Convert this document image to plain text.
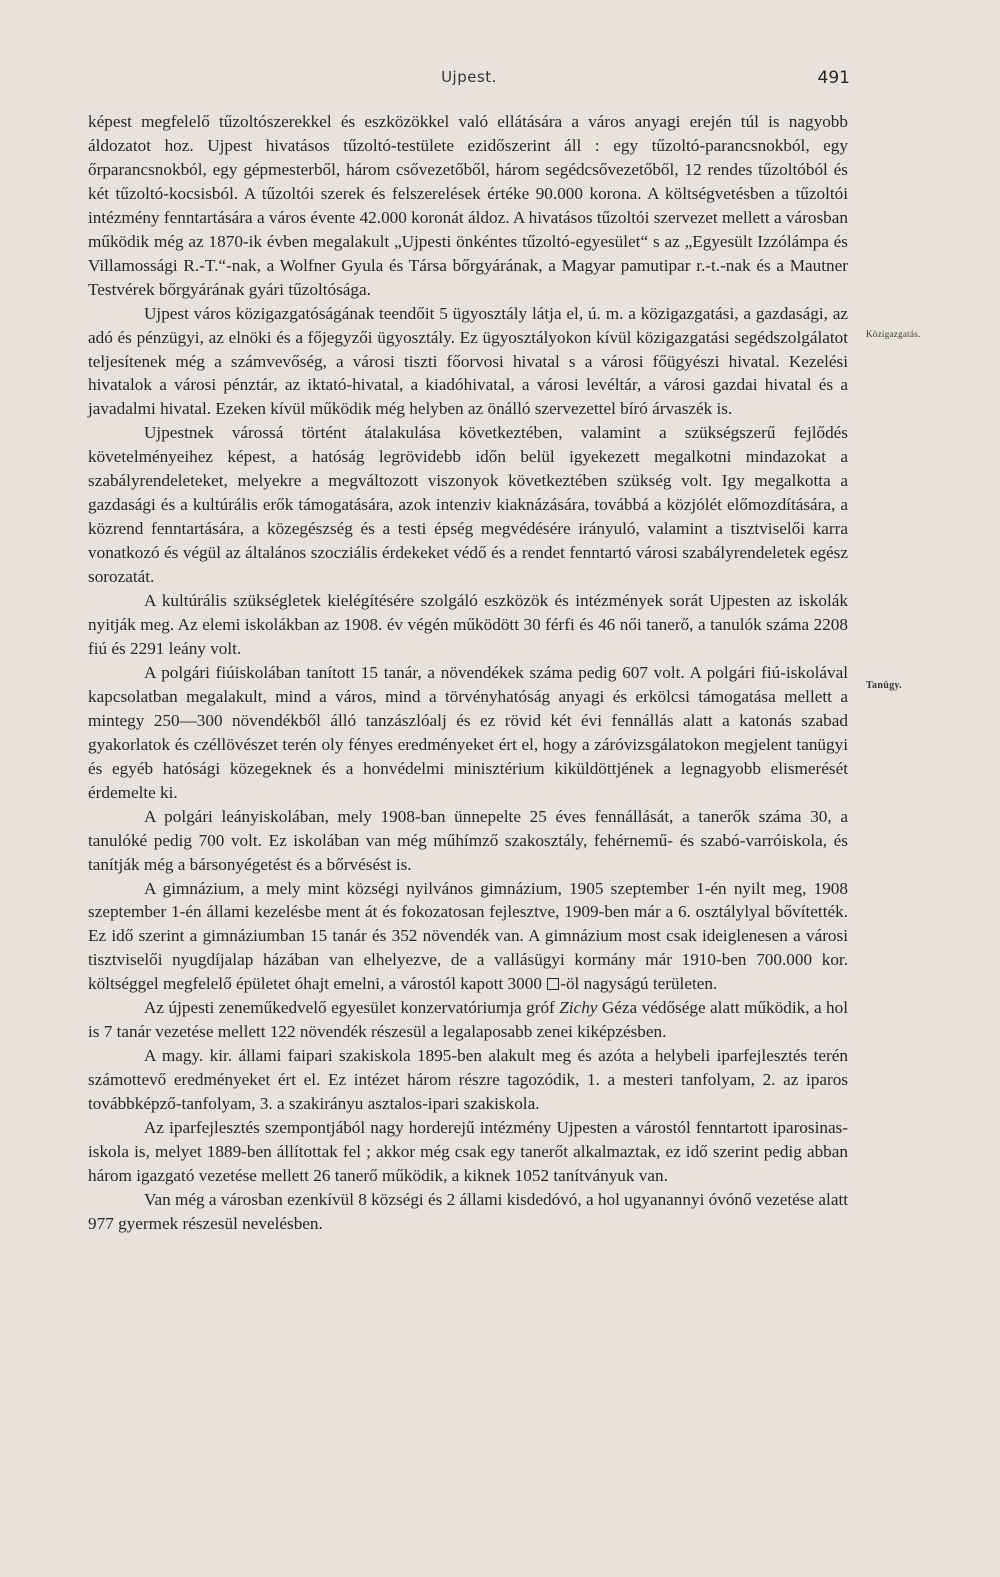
Ujpest.	491
Közigazgatás.
Tanügy.

képest megfelelő tűzoltószerekkel és eszközökkel való ellátására a város anyagi erején túl is nagyobb áldozatot hoz. Ujpest hivatásos tűzoltó-testülete ezidőszerint áll : egy tűzoltó-parancsnokból, egy őrparancsnokból, egy gépmesterből, három csővezetőből, három segédcsővezetőből, 12 rendes tűzoltóból és két tűzoltó-kocsisból. A tűzoltói szerek és felszerelések értéke 90.000 korona. A költségvetésben a tűzoltói intézmény fenntartására a város évente 42.000 koronát áldoz. A hivatásos tűzoltói szervezet mellett a városban működik még az 1870-ik évben megalakult „Ujpesti önkéntes tűzoltó-egyesület“ s az „Egyesült Izzólámpa és Villamossági R.-T.“-nak, a Wolfner Gyula és Társa bőrgyárának, a Magyar pamutipar r.-t.-nak és a Mautner Testvérek bőrgyárának gyári tűzoltósága.

Ujpest város közigazgatóságának teendőit 5 ügyosztály látja el, ú. m. a közigazgatási, a gazdasági, az adó és pénzügyi, az elnöki és a főjegyzői ügyosztály. Ez ügyosztályokon kívül közigazgatási segédszolgálatot teljesítenek még a számvevőség, a városi tiszti főorvosi hivatal s a városi főügyészi hivatal. Kezelési hivatalok a városi pénztár, az iktató-hivatal, a kiadóhivatal, a városi levéltár, a városi gazdai hivatal és a javadalmi hivatal. Ezeken kívül működik még helyben az önálló szervezettel bíró árvaszék is.

Ujpestnek várossá történt átalakulása következtében, valamint a szükségszerű fejlődés követelményeihez képest, a hatóság legrövidebb időn belül igyekezett megalkotni mindazokat a szabályrendeleteket, melyekre a megváltozott viszonyok következtében szükség volt. Igy megalkotta a gazdasági és a kultúrális erők támogatására, azok intenziv kiaknázására, továbbá a közjólét előmozdítására, a közrend fenntartására, a közegészség és a testi épség megvédésére irányuló, valamint a tisztviselői karra vonatkozó és végül az általános szocziális érdekeket védő és a rendet fenntartó városi szabályrendeletek egész sorozatát.

A kultúrális szükségletek kielégítésére szolgáló eszközök és intézmények sorát Ujpesten az iskolák nyitják meg. Az elemi iskolákban az 1908. év végén működött 30 férfi és 46 női tanerő, a tanulók száma 2208 fiú és 2291 leány volt.

A polgári fiúiskolában tanított 15 tanár, a növendékek száma pedig 607 volt. A polgári fiú-iskolával kapcsolatban megalakult, mind a város, mind a törvényhatóság anyagi és erkölcsi támogatása mellett a mintegy 250—300 növendékből álló tanzászlóalj és ez rövid két évi fennállás alatt a katonás szabad gyakorlatok és czéllövészet terén oly fényes eredményeket ért el, hogy a záróvizsgálatokon megjelent tanügyi és egyéb hatósági közegeknek és a honvédelmi minisztérium kiküldöttjének a legnagyobb elismerését érdemelte ki.

A polgári leányiskolában, mely 1908-ban ünnepelte 25 éves fennállását, a tanerők száma 30, a tanulóké pedig 700 volt. Ez iskolában van még műhímző szakosztály, fehérnemű- és szabó-varróiskola, és tanítják még a bársonyégetést és a bőrvésést is.

A gimnázium, a mely mint községi nyilvános gimnázium, 1905 szeptember 1-én nyilt meg, 1908 szeptember 1-én állami kezelésbe ment át és fokozatosan fejlesztve, 1909-ben már a 6. osztálylyal bővítették. Ez idő szerint a gimnáziumban 15 tanár és 352 növendék van. A gimnázium most csak ideiglenesen a városi tisztviselői nyugdíjalap házában van elhelyezve, de a vallásügyi kormány már 1910-ben 700.000 kor. költséggel megfelelő épületet óhajt emelni, a várostól kapott 3000 -öl nagyságú területen.

Az újpesti zeneműkedvelő egyesület konzervatóriumja gróf Zichy Géza védősége alatt működik, a hol is 7 tanár vezetése mellett 122 növendék részesül a legalaposabb zenei kiképzésben.

A magy. kir. állami faipari szakiskola 1895-ben alakult meg és azóta a helybeli iparfejlesztés terén számottevő eredményeket ért el. Ez intézet három részre tagozódik, 1. a mesteri tanfolyam, 2. az iparos továbbképző-tanfolyam, 3. a szakirányu asztalos-ipari szakiskola.

Az iparfejlesztés szempontjából nagy horderejű intézmény Ujpesten a várostól fenntartott iparosinas-iskola is, melyet 1889-ben állítottak fel ; akkor még csak egy tanerőt alkalmaztak, ez idő szerint pedig abban három igazgató vezetése mellett 26 tanerő működik, a kiknek 1052 tanítványuk van.

Van még a városban ezenkívül 8 községi és 2 állami kisdedóvó, a hol ugyanannyi óvónő vezetése alatt 977 gyermek részesül nevelésben.
